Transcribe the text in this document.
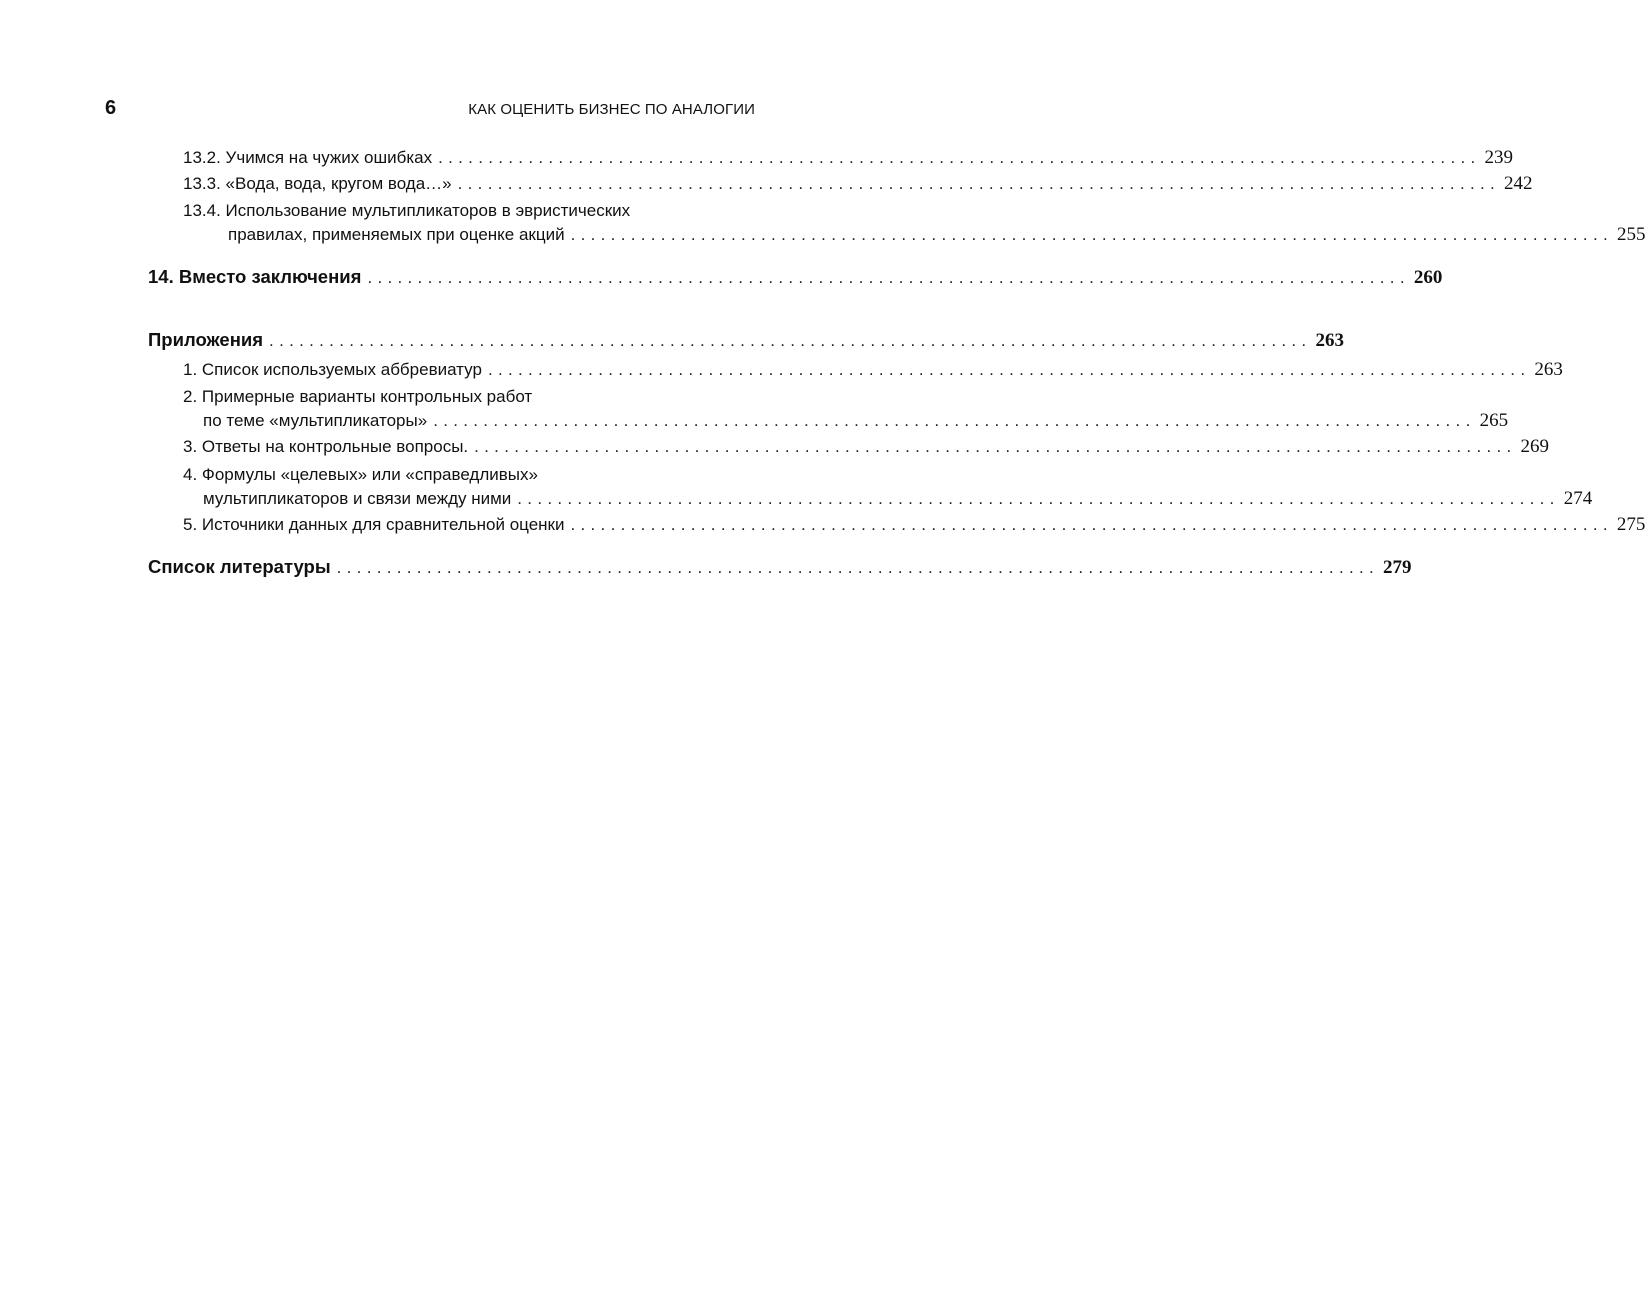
6	КАК ОЦЕНИТЬ БИЗНЕС ПО АНАЛОГИИ
13.2. Учимся на чужих ошибках ........................................................................................................ 239
13.3. «Вода, вода, кругом вода…» ........................................................................................................ 242
13.4. Использование мультипликаторов в эвристических
правилах, применяемых при оценке акций ........................................................................................................ 255
14. Вместо заключения ........................................................................................................ 260
Приложения ........................................................................................................ 263
1. Список используемых аббревиатур ........................................................................................................ 263
2. Примерные варианты контрольных работ
по теме «мультипликаторы» ........................................................................................................ 265
3. Ответы на контрольные вопросы. ........................................................................................................ 269
4. Формулы «целевых» или «справедливых»
мультипликаторов и связи между ними ........................................................................................................ 274
5. Источники данных для сравнительной оценки ........................................................................................................ 275
Список литературы ........................................................................................................ 279
